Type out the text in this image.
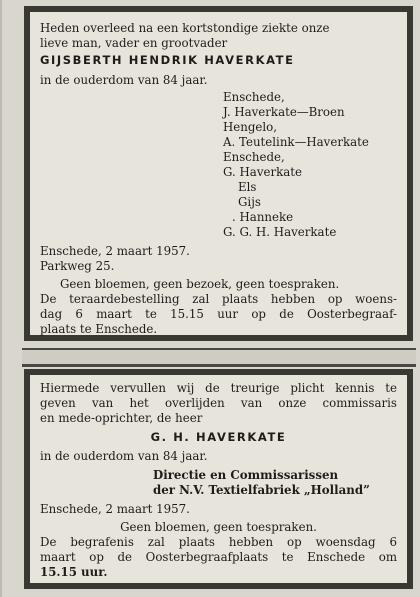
Heden overleed na een kortstondige ziekte onze

lieve man, vader en grootvader

GIJSBERTH HENDRIK HAVERKATE

in de ouderdom van 84 jaar.

Enschede,

J. Haverkate—Broen

Hengelo,

A. Teutelink—Haverkate

Enschede,

G. Haverkate

Els

Gijs

. Hanneke

G. G. H. Haverkate

Enschede, 2 maart 1957.

Parkweg 25.

Geen bloemen, geen bezoek, geen toespraken.

De teraardebestelling zal plaats hebben op woens-

dag 6 maart te 15.15 uur op de Oosterbegraaf-

plaats te Enschede.

Hiermede vervullen wij de treurige plicht kennis te

geven van het overlijden van onze commissaris

en mede-oprichter, de heer

G. H. HAVERKATE

in de ouderdom van 84 jaar.

Directie en Commissarissen

der N.V. Textielfabriek „Holland”

Enschede, 2 maart 1957.

Geen bloemen, geen toespraken.

De begrafenis zal plaats hebben op woensdag 6

maart op de Oosterbegraafplaats te Enschede om

15.15 uur.
